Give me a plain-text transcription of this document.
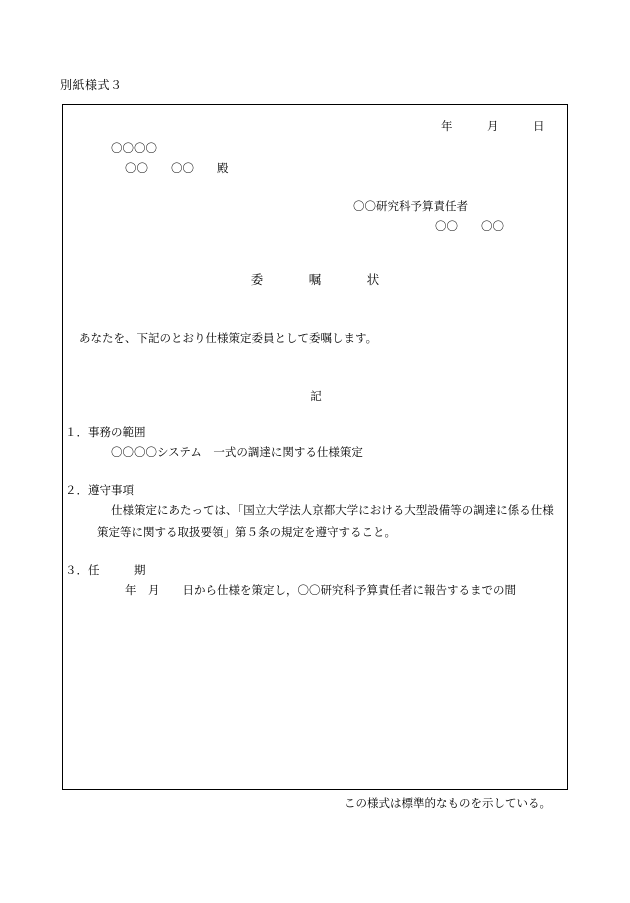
別紙様式３
年　　　月　　　日
〇〇〇〇
〇〇　　〇〇　　殿
〇〇研究科予算責任者
〇〇　　〇〇
委　　　嘱　　　状
あなたを、下記のとおり仕様策定委員として委嘱します。
記
１．事務の範囲
〇〇〇〇システム　一式の調達に関する仕様策定
２．遵守事項
仕様策定にあたっては、「国立大学法人京都大学における大型設備等の調達に係る仕様
策定等に関する取扱要領」第５条の規定を遵守すること。
３．任　　　期
年　月　　日から仕様を策定し，〇〇研究科予算責任者に報告するまでの間
この様式は標準的なものを示している。
